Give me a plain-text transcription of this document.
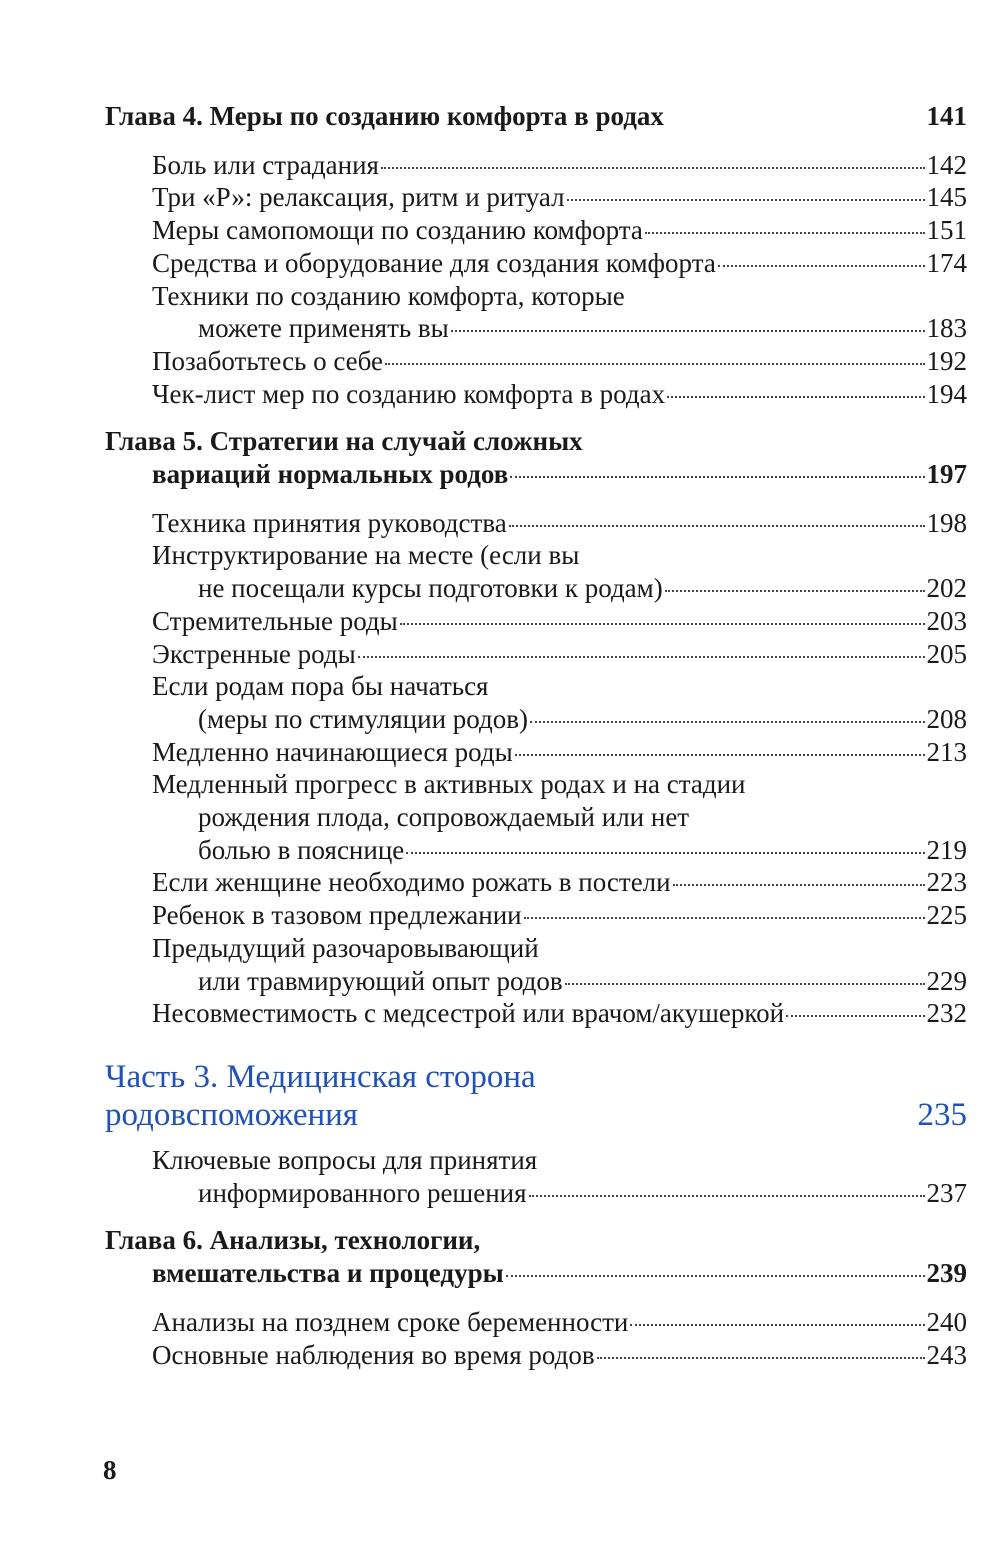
Глава 4. Меры по созданию комфорта в родах	141
Боль или страдания	142
Три «Р»: релаксация, ритм и ритуал	145
Меры самопомощи по созданию комфорта	151
Средства и оборудование для создания комфорта	174
Техники по созданию комфорта, которые
можете применять вы	183
Позаботьтесь о себе	192
Чек-лист мер по созданию комфорта в родах	194
Глава 5. Стратегии на случай сложных
вариаций нормальных родов	197
Техника принятия руководства	198
Инструктирование на месте (если вы
не посещали курсы подготовки к родам)	202
Стремительные роды	203
Экстренные роды	205
Если родам пора бы начаться
(меры по стимуляции родов)	208
Медленно начинающиеся роды	213
Медленный прогресс в активных родах и на стадии
рождения плода, сопровождаемый или нет
болью в пояснице	219
Если женщине необходимо рожать в постели	223
Ребенок в тазовом предлежании	225
Предыдущий разочаровывающий
или травмирующий опыт родов	229
Несовместимость с медсестрой или врачом/акушеркой	232
Часть 3. Медицинская сторона
родовспоможения	235
Ключевые вопросы для принятия
информированного решения	237
Глава 6. Анализы, технологии,
вмешательства и процедуры	239
Анализы на позднем сроке беременности	240
Основные наблюдения во время родов	243
8
